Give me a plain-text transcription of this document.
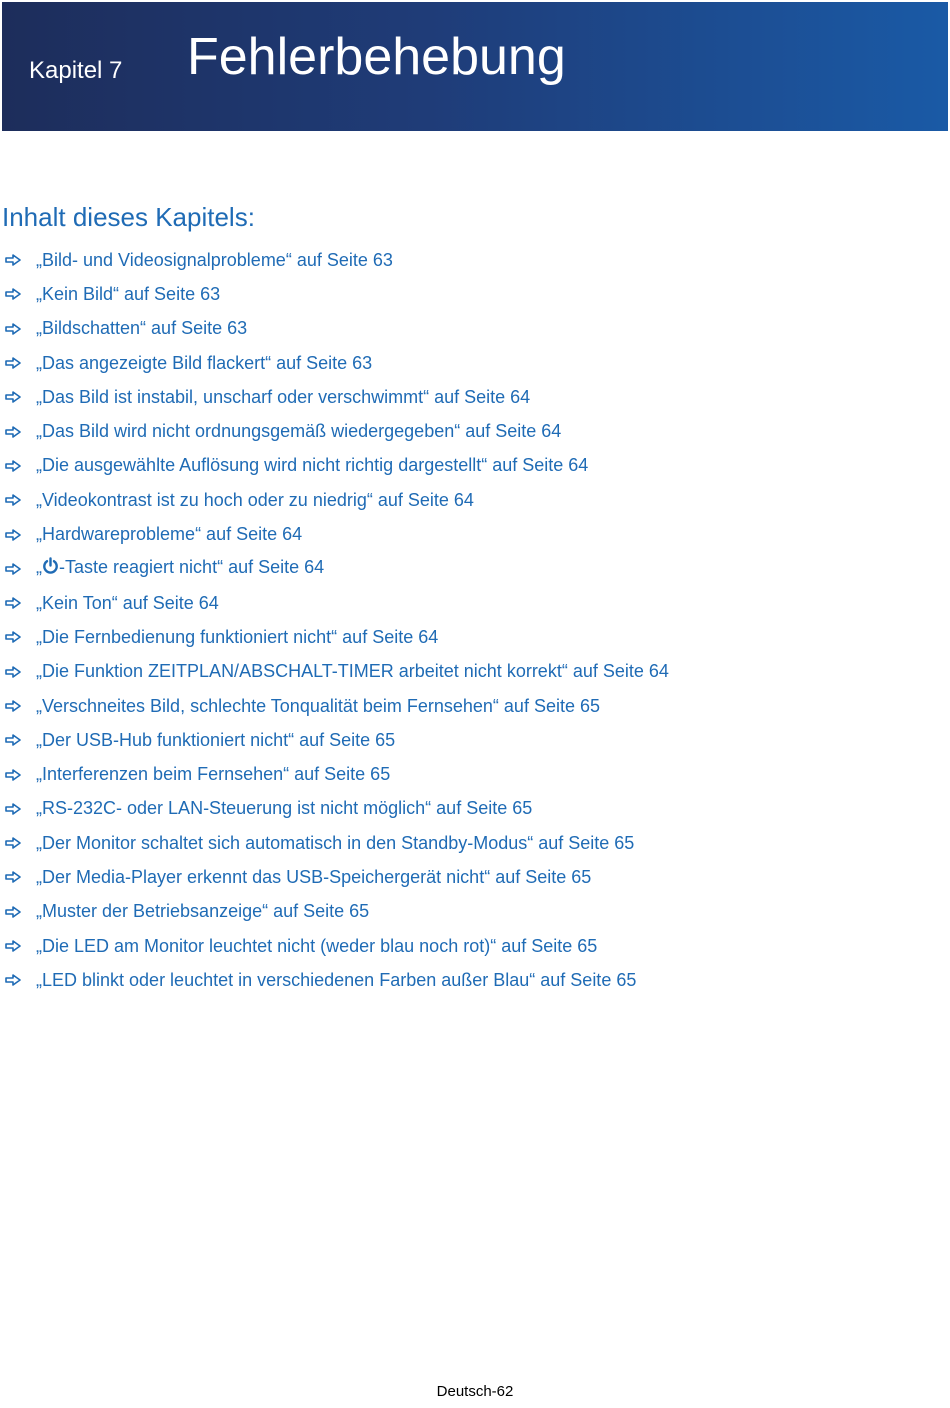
Kapitel 7 Fehlerbehebung
Inhalt dieses Kapitels:
„Bild- und Videosignalprobleme“ auf Seite 63
„Kein Bild“ auf Seite 63
„Bildschatten“ auf Seite 63
„Das angezeigte Bild flackert“ auf Seite 63
„Das Bild ist instabil, unscharf oder verschwimmt“ auf Seite 64
„Das Bild wird nicht ordnungsgemäß wiedergegeben“ auf Seite 64
„Die ausgewählte Auflösung wird nicht richtig dargestellt“ auf Seite 64
„Videokontrast ist zu hoch oder zu niedrig“ auf Seite 64
„Hardwareprobleme“ auf Seite 64
„ -Taste reagiert nicht“ auf Seite 64
„Kein Ton“ auf Seite 64
„Die Fernbedienung funktioniert nicht“ auf Seite 64
„Die Funktion ZEITPLAN/ABSCHALT-TIMER arbeitet nicht korrekt“ auf Seite 64
„Verschneites Bild, schlechte Tonqualität beim Fernsehen“ auf Seite 65
„Der USB-Hub funktioniert nicht“ auf Seite 65
„Interferenzen beim Fernsehen“ auf Seite 65
„RS-232C- oder LAN-Steuerung ist nicht möglich“ auf Seite 65
„Der Monitor schaltet sich automatisch in den Standby-Modus“ auf Seite 65
„Der Media-Player erkennt das USB-Speichergerät nicht“ auf Seite 65
„Muster der Betriebsanzeige“ auf Seite 65
„Die LED am Monitor leuchtet nicht (weder blau noch rot)“ auf Seite 65
„LED blinkt oder leuchtet in verschiedenen Farben außer Blau“ auf Seite 65
Deutsch-62
